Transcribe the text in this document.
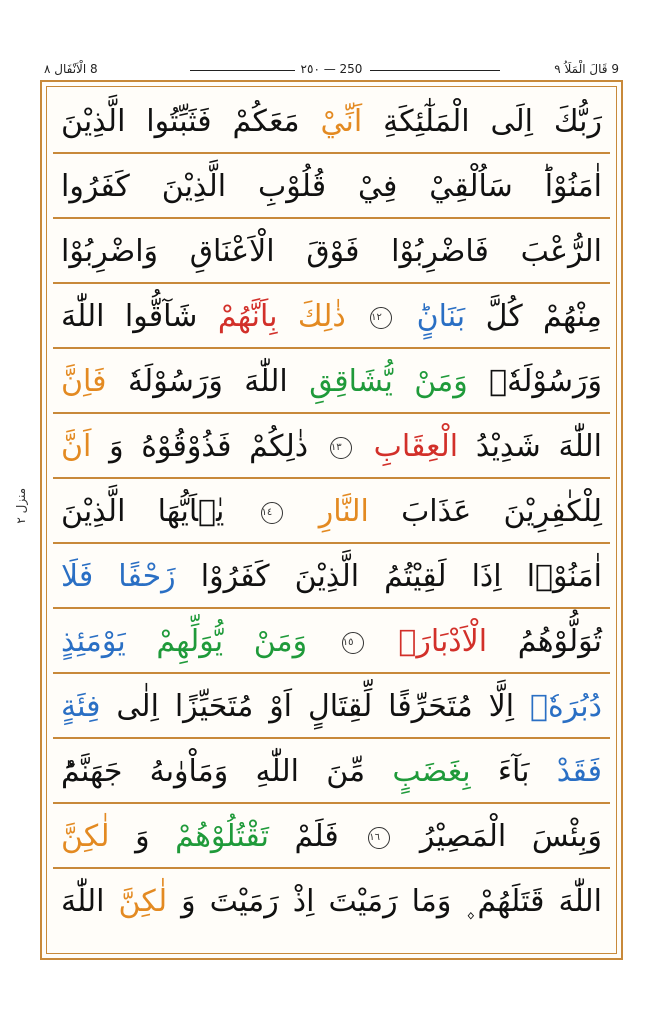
9 قَالَ الْمَلَاُ ٩
٢٥٠ — 250
8 الْاَنْفَال ٨
منزل ٢
رَبُّكَ اِلَى الْمَلٰٓئِكَةِ اَنِّيْ مَعَكُمْ فَثَبِّتُوا الَّذِيْنَ
اٰمَنُوْاؕ سَاُلْقِيْ فِيْ قُلُوْبِ الَّذِيْنَ كَفَرُوا
الرُّعْبَ فَاضْرِبُوْا فَوْقَ الْاَعْنَاقِ وَاضْرِبُوْا
مِنْهُمْ كُلَّ بَنَانٍؕ ١٢ ذٰلِكَ بِاَنَّهُمْ شَآقُّوا اللّٰهَ
وَرَسُوْلَهٗۚ وَمَنْ يُّشَاقِقِ اللّٰهَ وَرَسُوْلَهٗ فَاِنَّ
اللّٰهَ شَدِيْدُ الْعِقَابِ ١٣ ذٰلِكُمْ فَذُوْقُوْهُ وَ اَنَّ
لِلْكٰفِرِيْنَ عَذَابَ النَّارِ ١٤ يٰۤاَيُّهَا الَّذِيْنَ
اٰمَنُوْۤا اِذَا لَقِيْتُمُ الَّذِيْنَ كَفَرُوْا زَحْفًا فَلَا
تُوَلُّوْهُمُ الْاَدْبَارَۚ ١٥ وَمَنْ يُّوَلِّهِمْ يَوْمَئِذٍ
دُبُرَهٗۤ اِلَّا مُتَحَرِّفًا لِّقِتَالٍ اَوْ مُتَحَيِّزًا اِلٰى فِئَةٍ
فَقَدْ بَآءَ بِغَضَبٍ مِّنَ اللّٰهِ وَمَاْوٰىهُ جَهَنَّمُؕ
وَبِئْسَ الْمَصِيْرُ ١٦ فَلَمْ تَقْتُلُوْهُمْ وَ لٰكِنَّ
اللّٰهَ قَتَلَهُمْ ۪ وَمَا رَمَيْتَ اِذْ رَمَيْتَ وَ لٰكِنَّ اللّٰهَ
